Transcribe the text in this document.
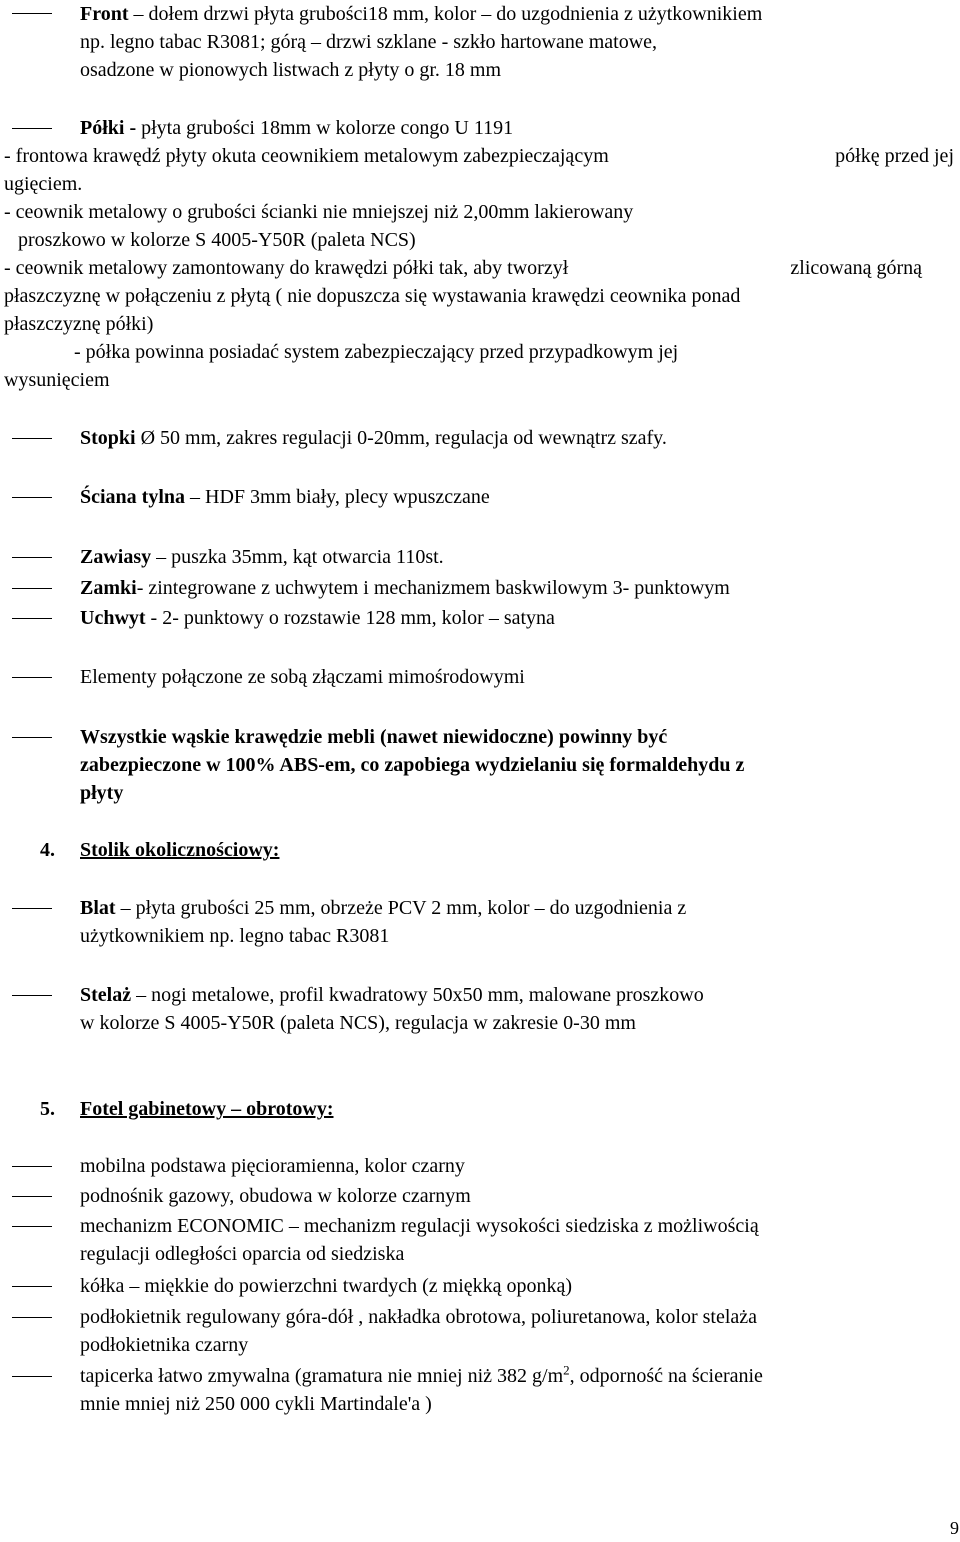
Front – dołem drzwi płyta grubości18 mm, kolor – do uzgodnienia z użytkownikiem
np. legno tabac R3081; górą – drzwi szklane - szkło hartowane matowe,
osadzone w pionowych listwach z płyty o gr. 18 mm
Półki - płyta grubości 18mm w kolorze congo U 1191
- frontowa krawędź płyty okuta ceownikiem metalowym zabezpieczającym	półkę przed jej
ugięciem.
- ceownik metalowy o grubości ścianki nie mniejszej niż 2,00mm lakierowany
proszkowo w kolorze S 4005-Y50R (paleta NCS)
- ceownik metalowy zamontowany do krawędzi półki tak, aby tworzył	zlicowaną górną
płaszczyznę w połączeniu z płytą ( nie dopuszcza się wystawania krawędzi ceownika ponad
płaszczyznę półki)
- półka powinna posiadać system zabezpieczający przed przypadkowym jej
wysunięciem
Stopki Ø 50 mm, zakres regulacji 0-20mm, regulacja od wewnątrz szafy.
Ściana tylna – HDF 3mm biały, plecy wpuszczane
Zawiasy – puszka 35mm, kąt otwarcia 110st.
Zamki- zintegrowane z uchwytem i mechanizmem baskwilowym 3- punktowym
Uchwyt - 2- punktowy o rozstawie 128 mm, kolor – satyna
Elementy połączone ze sobą złączami mimośrodowymi
Wszystkie wąskie krawędzie mebli (nawet niewidoczne) powinny być
zabezpieczone w 100% ABS-em, co zapobiega wydzielaniu się formaldehydu z
płyty
4. Stolik okolicznościowy:
Blat – płyta grubości 25 mm, obrzeże PCV 2 mm, kolor – do uzgodnienia z
użytkownikiem np. legno tabac R3081
Stelaż – nogi metalowe, profil kwadratowy 50x50 mm, malowane proszkowo
w kolorze S 4005-Y50R (paleta NCS), regulacja w zakresie 0-30 mm
5. Fotel gabinetowy – obrotowy:
mobilna podstawa pięcioramienna, kolor czarny
podnośnik gazowy, obudowa w kolorze czarnym
mechanizm ECONOMIC – mechanizm regulacji wysokości siedziska z możliwością
regulacji odległości oparcia od siedziska
kółka – miękkie do powierzchni twardych (z miękką oponką)
podłokietnik regulowany góra-dół , nakładka obrotowa, poliuretanowa, kolor stelaża
podłokietnika czarny
tapicerka łatwo zmywalna (gramatura nie mniej niż 382 $g/m^2$, odporność na ścieranie
mnie mniej niż 250 000 cykli Martindale'a )
9
